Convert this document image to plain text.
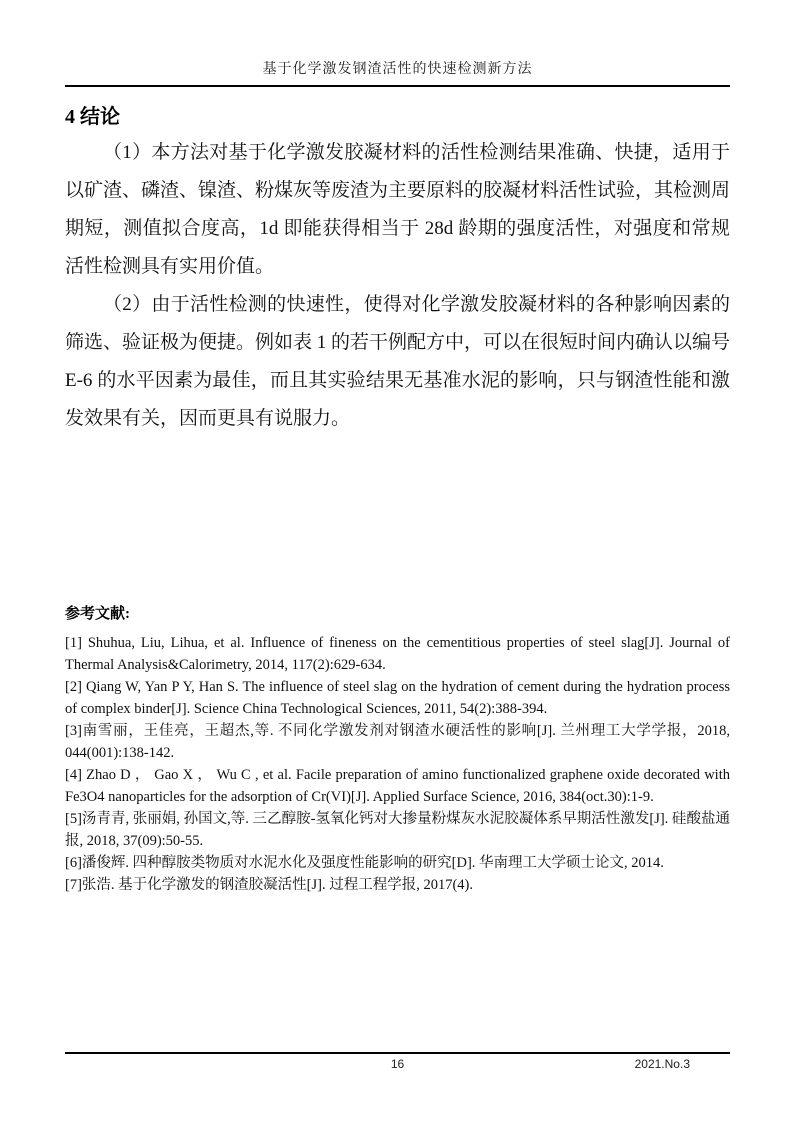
基于化学激发钢渣活性的快速检测新方法
4 结论

（1）本方法对基于化学激发胶凝材料的活性检测结果准确、快捷，适用于以矿渣、磷渣、镍渣、粉煤灰等废渣为主要原料的胶凝材料活性试验，其检测周期短，测值拟合度高，1d 即能获得相当于 28d 龄期的强度活性，对强度和常规活性检测具有实用价值。

（2）由于活性检测的快速性，使得对化学激发胶凝材料的各种影响因素的筛选、验证极为便捷。例如表 1 的若干例配方中，可以在很短时间内确认以编号 E-6 的水平因素为最佳，而且其实验结果无基准水泥的影响，只与钢渣性能和激发效果有关，因而更具有说服力。

参考文献:
[1] Shuhua, Liu, Lihua, et al. Influence of fineness on the cementitious properties of steel slag[J]. Journal of Thermal Analysis&Calorimetry, 2014, 117(2):629-634.
[2] Qiang W, Yan P Y, Han S. The influence of steel slag on the hydration of cement during the hydration process of complex binder[J]. Science China Technological Sciences, 2011, 54(2):388-394.
[3]南雪丽，王佳亮，王超杰,等. 不同化学激发剂对钢渣水硬活性的影响[J]. 兰州理工大学学报，2018, 044(001):138-142.
[4] Zhao D ， Gao X ， Wu C , et al. Facile preparation of amino functionalized graphene oxide decorated with Fe3O4 nanoparticles for the adsorption of Cr(VI)[J]. Applied Surface Science, 2016, 384(oct.30):1-9.
[5]汤青青, 张丽娟, 孙国文,等. 三乙醇胺-氢氧化钙对大掺量粉煤灰水泥胶凝体系早期活性激发[J]. 硅酸盐通报, 2018, 37(09):50-55.
[6]潘俊辉. 四种醇胺类物质对水泥水化及强度性能影响的研究[D]. 华南理工大学硕士论文, 2014.
[7]张浩. 基于化学激发的钢渣胶凝活性[J]. 过程工程学报, 2017(4).
16	2021.No.3
